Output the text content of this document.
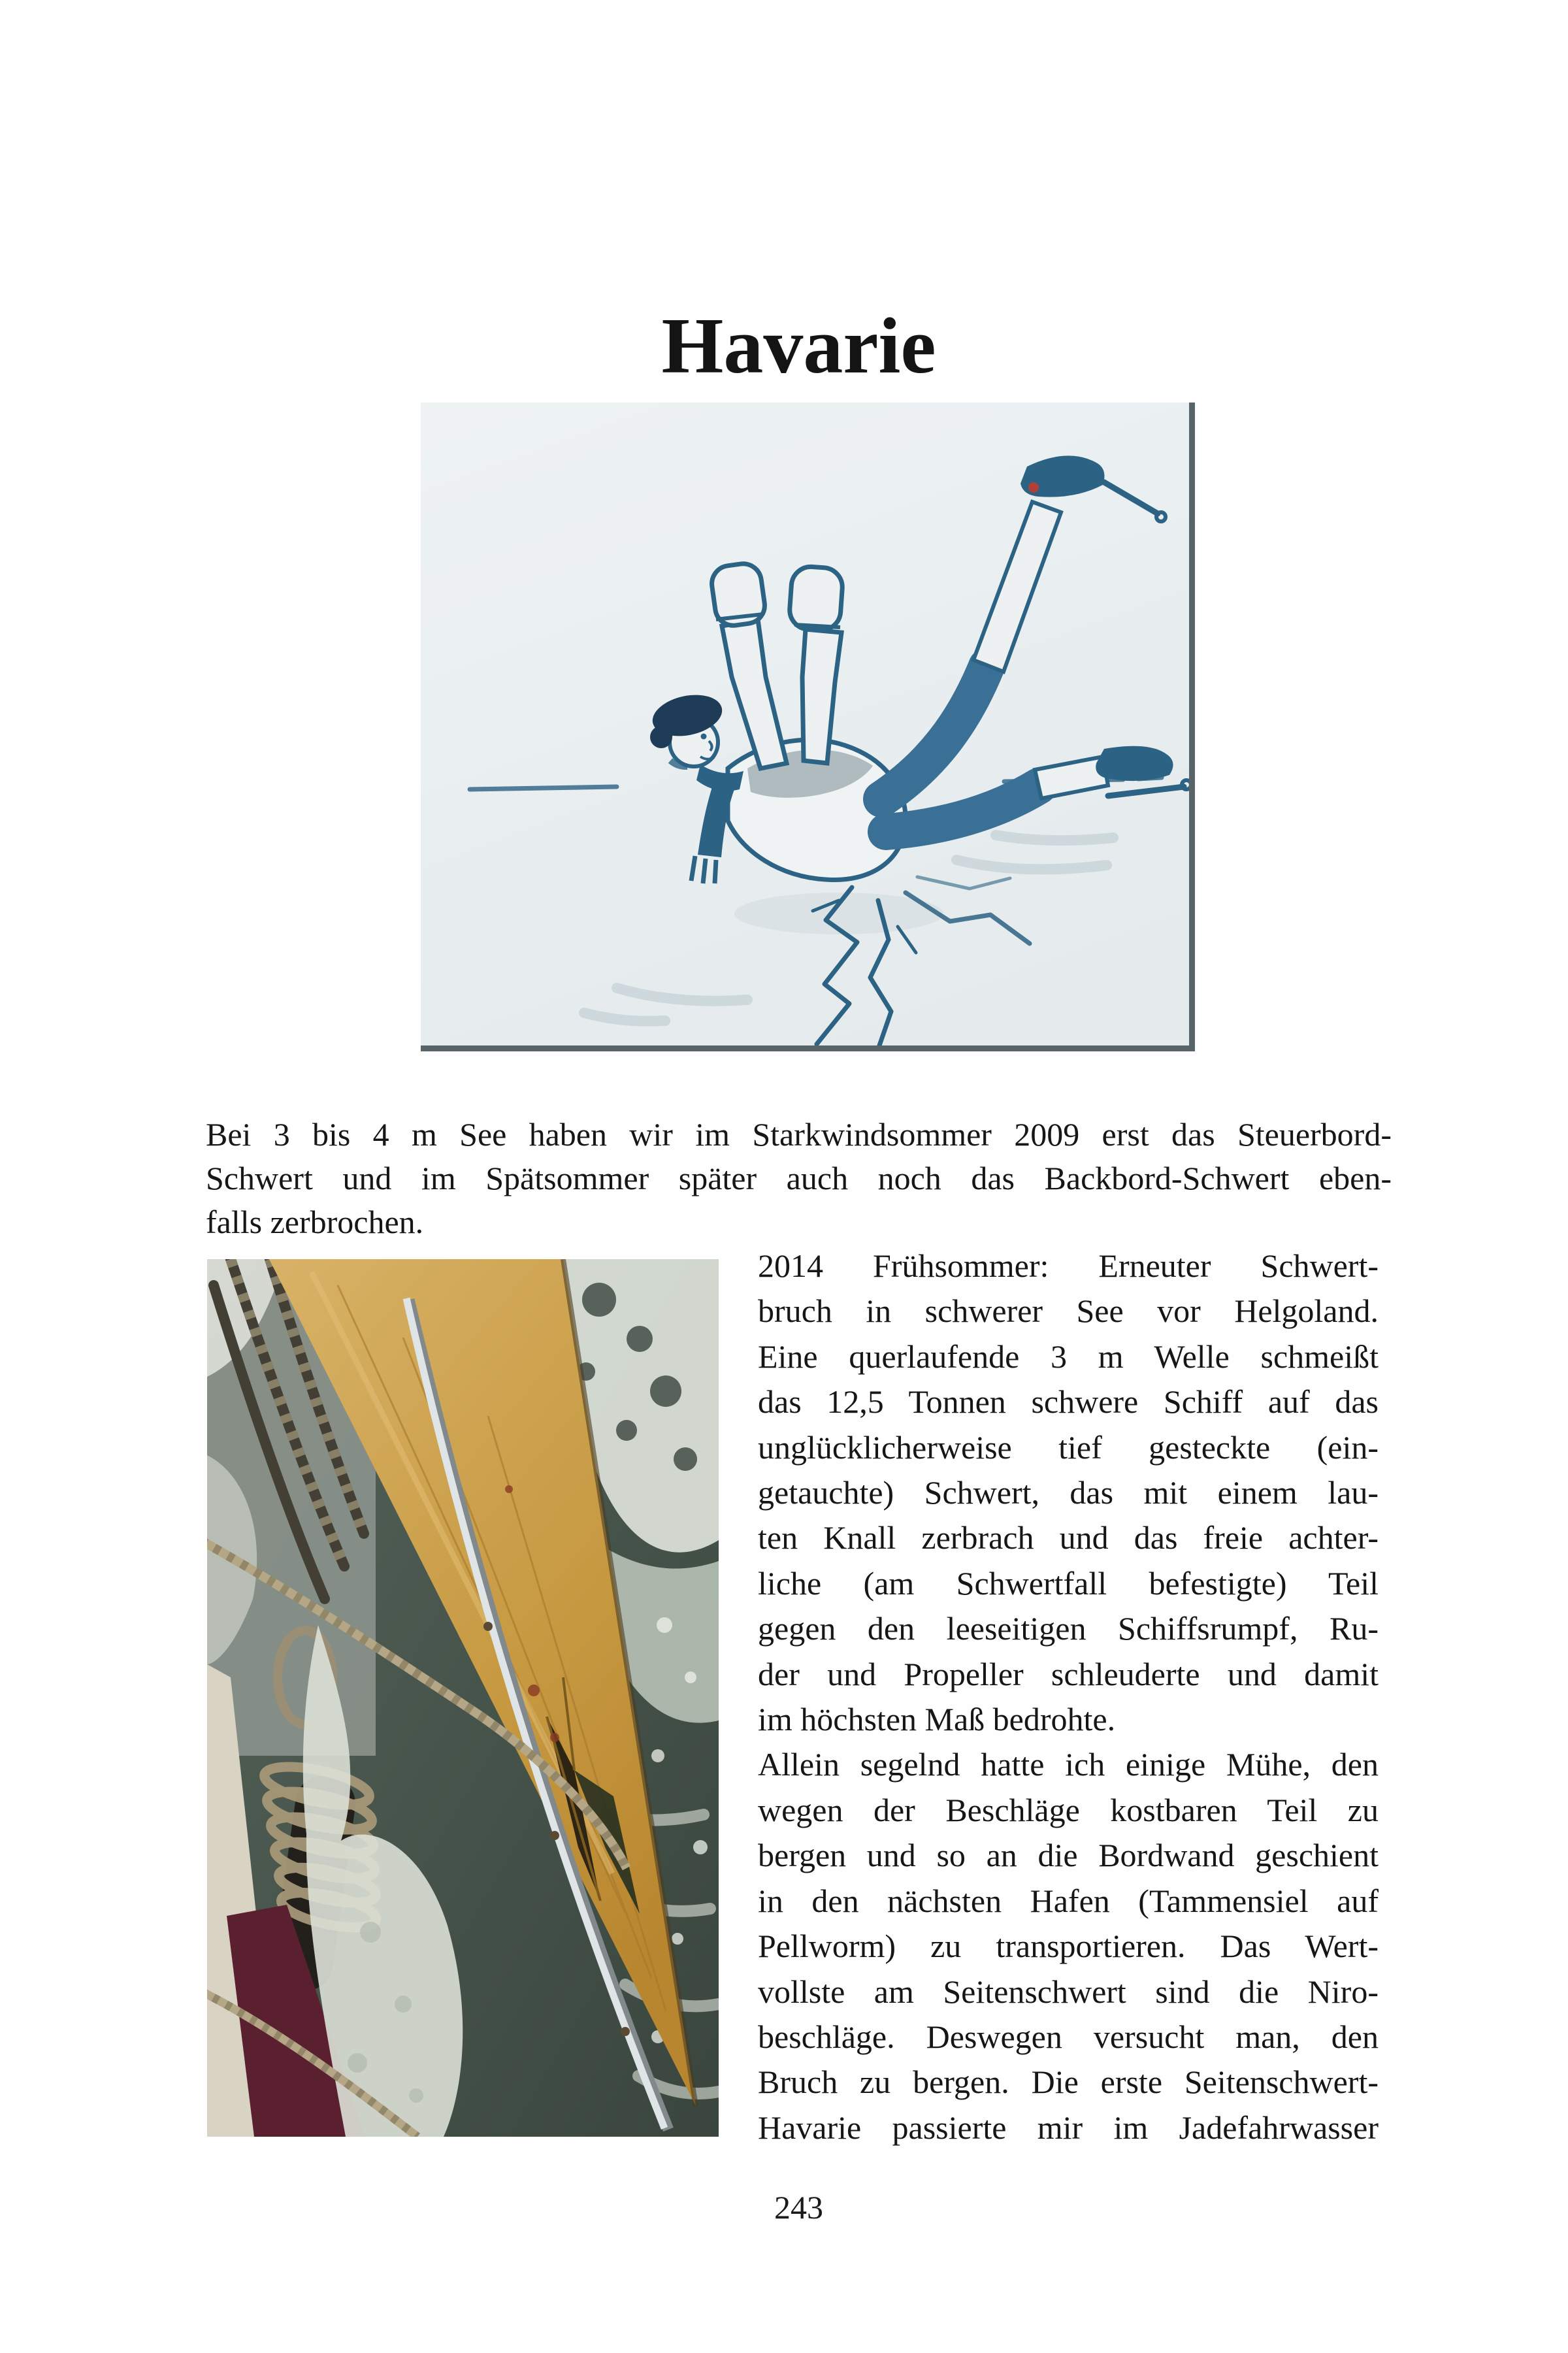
Havarie
Bei 3 bis 4 m See haben wir im Starkwindsommer 2009 erst das Steuerbord-
Schwert und im Spätsommer später auch noch das Backbord-Schwert eben-
falls zerbrochen.
2014 Frühsommer: Erneuter Schwert-
bruch in schwerer See vor Helgoland.
Eine querlaufende 3 m Welle schmeißt
das 12,5 Tonnen schwere Schiff auf das
unglücklicherweise tief gesteckte (ein-
getauchte) Schwert, das mit einem lau-
ten Knall zerbrach und das freie achter-
liche (am Schwertfall befestigte) Teil
gegen den leeseitigen Schiffsrumpf, Ru-
der und Propeller schleuderte und damit
im höchsten Maß bedrohte.
Allein segelnd hatte ich einige Mühe, den
wegen der Beschläge kostbaren Teil zu
bergen und so an die Bordwand geschient
in den nächsten Hafen (Tammensiel auf
Pellworm) zu transportieren. Das Wert-
vollste am Seitenschwert sind die Niro-
beschläge. Deswegen versucht man, den
Bruch zu bergen. Die erste Seitenschwert-
Havarie passierte mir im Jadefahrwasser
243
